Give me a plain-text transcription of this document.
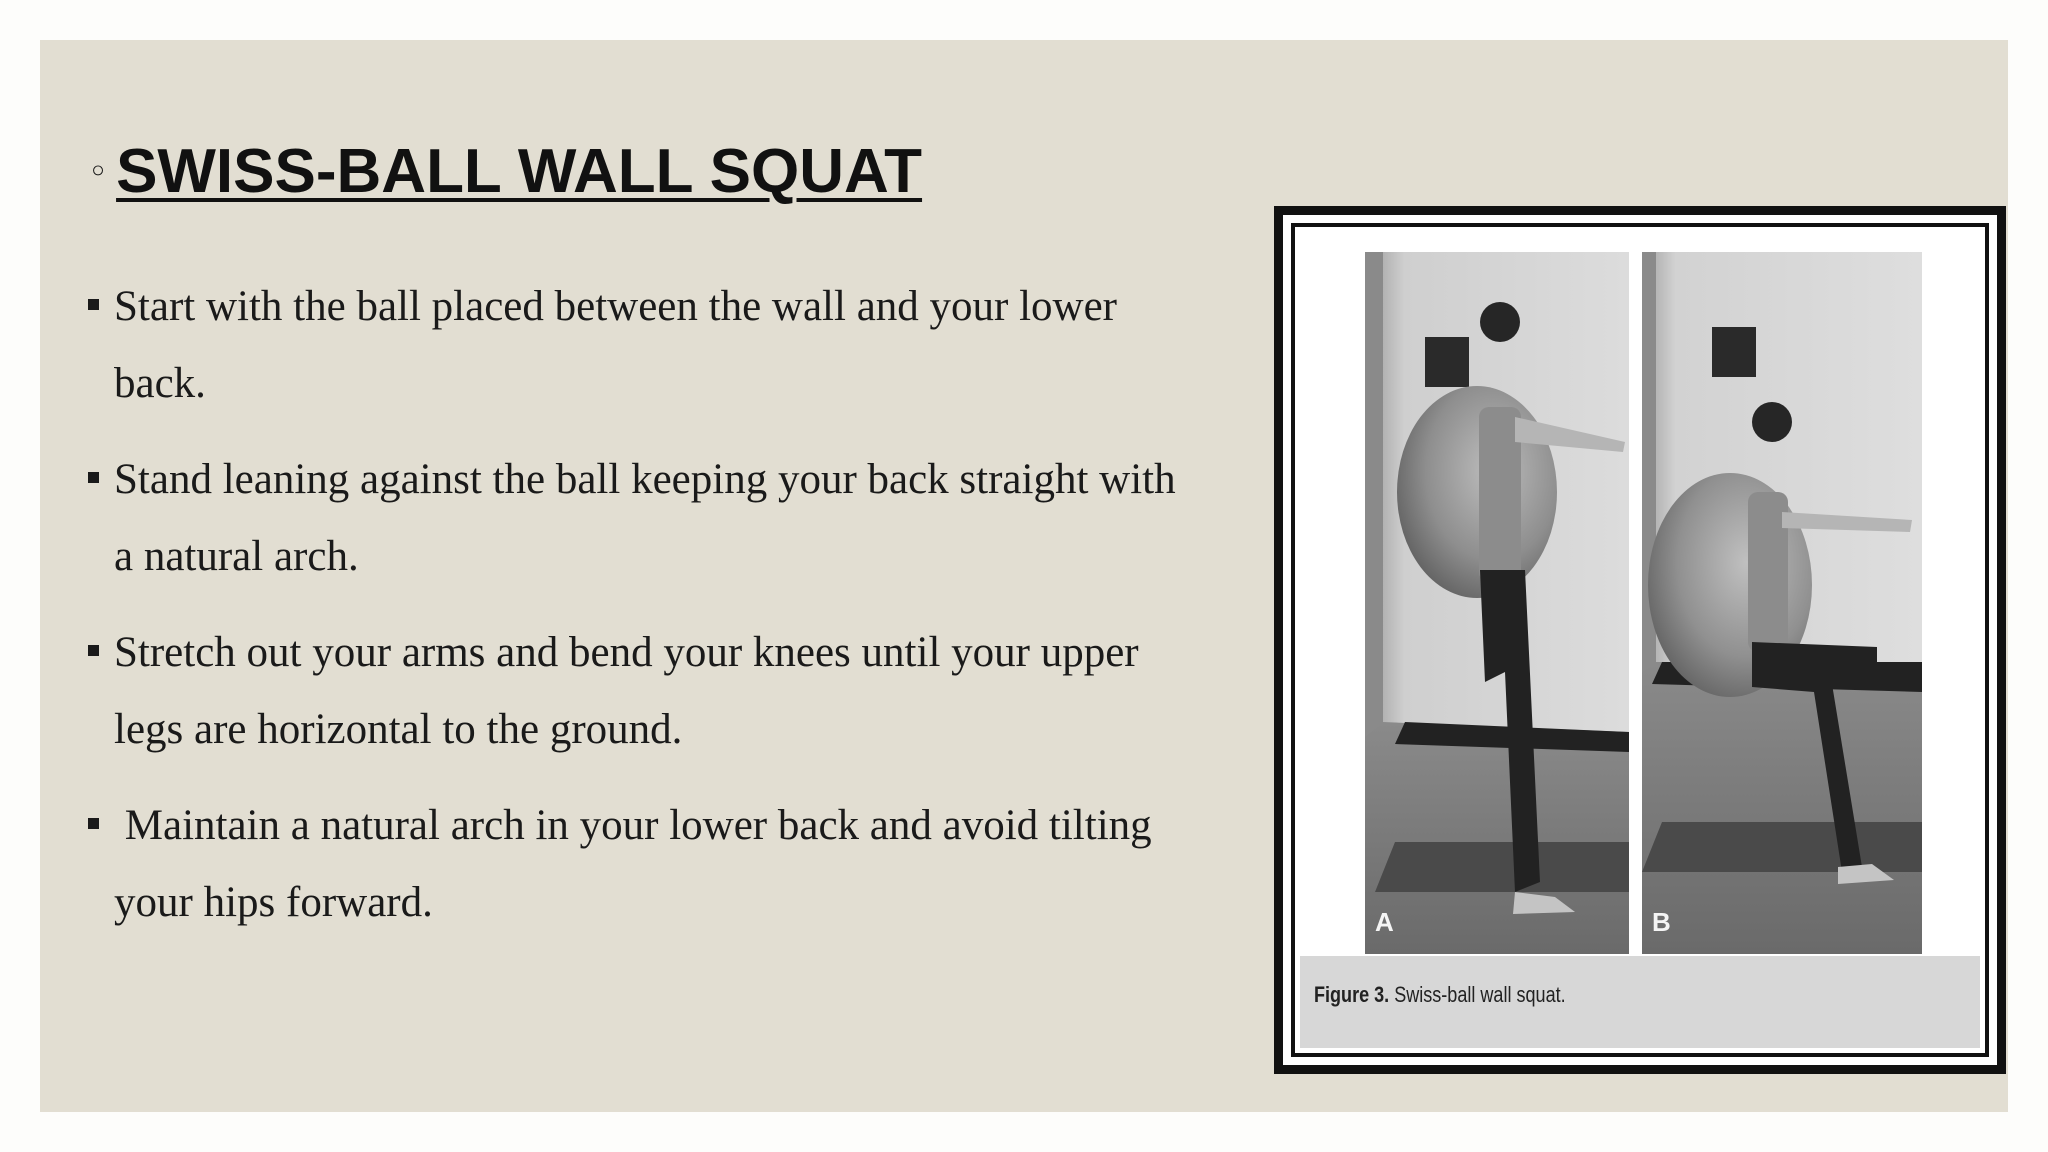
◦ SWISS-BALL WALL SQUAT
Start with the ball placed between the wall and your lower back.
Stand leaning against the ball keeping your back straight with a natural arch.
Stretch out your arms and bend your knees until your upper legs are horizontal to the ground.
Maintain a natural arch in your lower back and avoid tilting your hips forward.	A	B
Figure 3. Swiss-ball wall squat.
